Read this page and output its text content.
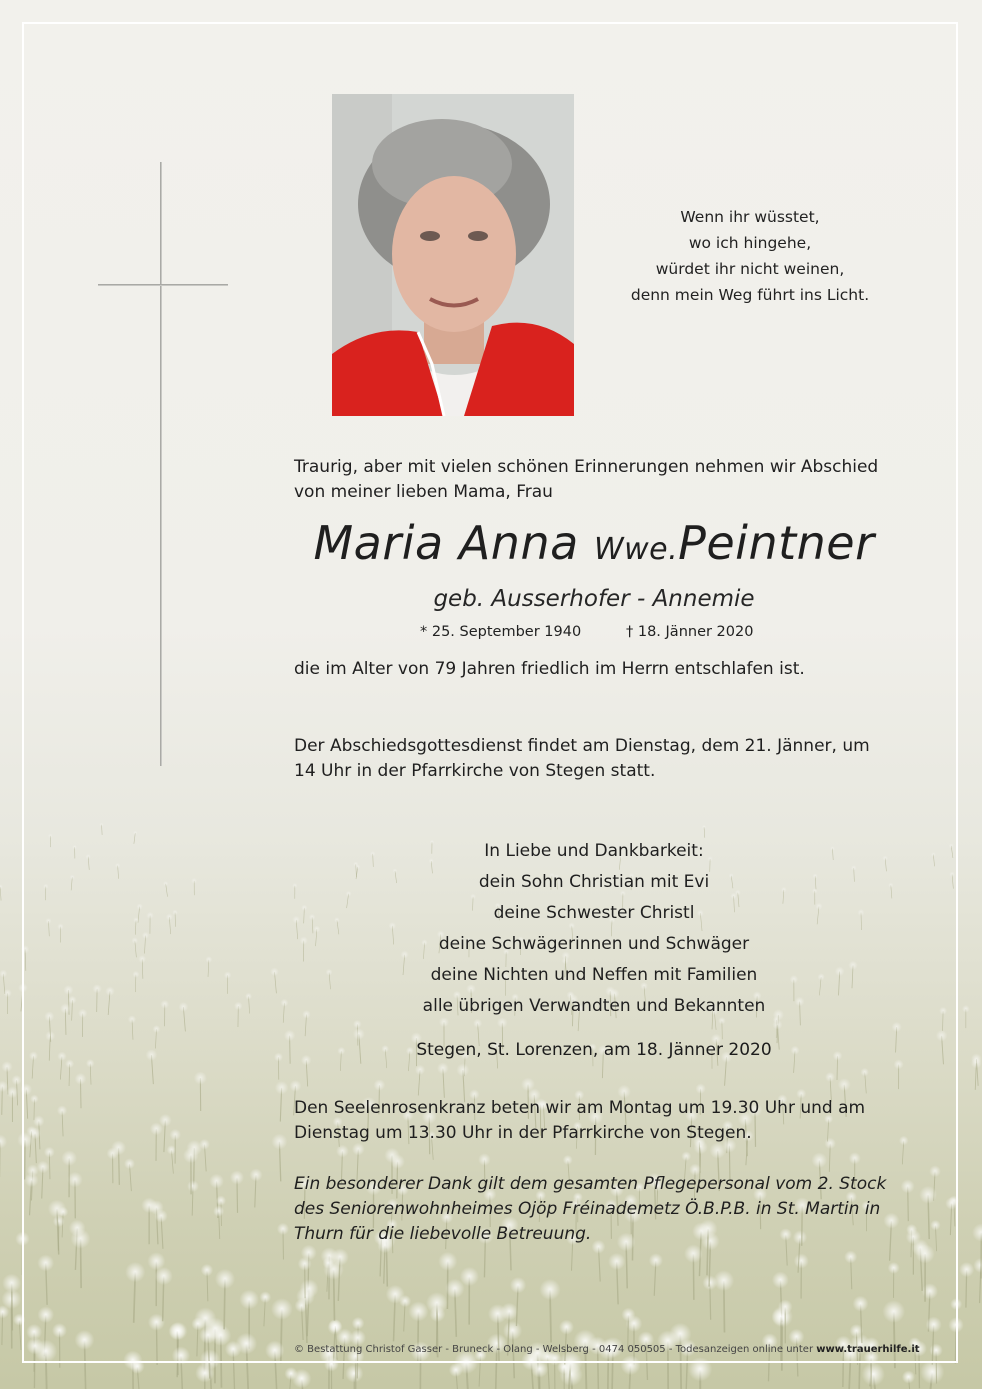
Wenn ihr wüsstet,
wo ich hingehe,
würdet ihr nicht weinen,
denn mein Weg führt ins Licht.
Traurig, aber mit vielen schönen Erinnerungen nehmen wir Abschied
von meiner lieben Mama, Frau
Maria Anna Wwe.Peintner
geb. Ausserhofer - Annemie
* 25. September 1940	† 18. Jänner 2020
die im Alter von 79 Jahren friedlich im Herrn entschlafen ist.
Der Abschiedsgottesdienst findet am Dienstag, dem 21. Jänner, um
14 Uhr in der Pfarrkirche von Stegen statt.
In Liebe und Dankbarkeit:
dein Sohn Christian mit Evi
deine Schwester Christl
deine Schwägerinnen und Schwäger
deine Nichten und Neffen mit Familien
alle übrigen Verwandten und Bekannten
Stegen, St. Lorenzen, am 18. Jänner 2020
Den Seelenrosenkranz beten wir am Montag um 19.30 Uhr und am
Dienstag um 13.30 Uhr in der Pfarrkirche von Stegen.
Ein besonderer Dank gilt dem gesamten Pflegepersonal vom 2. Stock
des Seniorenwohnheimes Ojöp Fréinademetz Ö.B.P.B. in St. Martin in
Thurn für die liebevolle Betreuung.
© Bestattung Christof Gasser - Bruneck - Olang - Welsberg - 0474 050505 - Todesanzeigen online unter www.trauerhilfe.it
